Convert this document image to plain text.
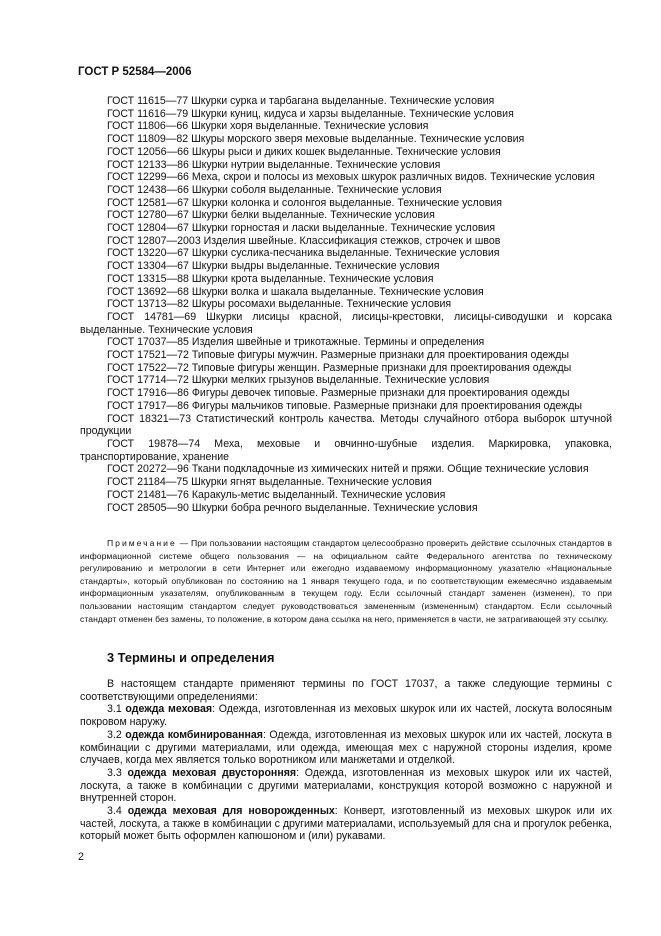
ГОСТ Р 52584—2006
ГОСТ 11615—77 Шкурки сурка и тарбагана выделанные. Технические условия
ГОСТ 11616—79 Шкурки куниц, кидуса и харзы выделанные. Технические условия
ГОСТ 11806—66 Шкурки хоря выделанные. Технические условия
ГОСТ 11809—82 Шкуры морского зверя меховые выделанные. Технические условия
ГОСТ 12056—66 Шкуры рыси и диких кошек выделанные. Технические условия
ГОСТ 12133—86 Шкурки нутрии выделанные. Технические условия
ГОСТ 12299—66 Меха, скрои и полосы из меховых шкурок различных видов. Технические условия
ГОСТ 12438—66 Шкурки соболя выделанные. Технические условия
ГОСТ 12581—67 Шкурки колонка и солонгоя выделанные. Технические условия
ГОСТ 12780—67 Шкурки белки выделанные. Технические условия
ГОСТ 12804—67 Шкурки горностая и ласки выделанные. Технические условия
ГОСТ 12807—2003 Изделия швейные. Классификация стежков, строчек и швов
ГОСТ 13220—67 Шкурки суслика-песчаника выделанные. Технические условия
ГОСТ 13304—67 Шкурки выдры выделанные. Технические условия
ГОСТ 13315—88 Шкурки крота выделанные. Технические условия
ГОСТ 13692—68 Шкурки волка и шакала выделанные. Технические условия
ГОСТ 13713—82 Шкуры росомахи выделанные. Технические условия
ГОСТ 14781—69 Шкурки лисицы красной, лисицы-крестовки, лисицы-сиводушки и корсака выделанные. Технические условия
ГОСТ 17037—85 Изделия швейные и трикотажные. Термины и определения
ГОСТ 17521—72 Типовые фигуры мужчин. Размерные признаки для проектирования одежды
ГОСТ 17522—72 Типовые фигуры женщин. Размерные признаки для проектирования одежды
ГОСТ 17714—72 Шкурки мелких грызунов выделанные. Технические условия
ГОСТ 17916—86 Фигуры девочек типовые. Размерные признаки для проектирования одежды
ГОСТ 17917—86 Фигуры мальчиков типовые. Размерные признаки для проектирования одежды
ГОСТ 18321—73 Статистический контроль качества. Методы случайного отбора выборок штучной продукции
ГОСТ 19878—74 Меха, меховые и овчинно-шубные изделия. Маркировка, упаковка, транспортирование, хранение
ГОСТ 20272—96 Ткани подкладочные из химических нитей и пряжи. Общие технические условия
ГОСТ 21184—75 Шкурки ягнят выделанные. Технические условия
ГОСТ 21481—76 Каракуль-метис выделанный. Технические условия
ГОСТ 28505—90 Шкурки бобра речного выделанные. Технические условия
Примечание — При пользовании настоящим стандартом целесообразно проверить действие ссылочных стандартов в информационной системе общего пользования — на официальном сайте Федерального агентства по техническому регулированию и метрологии в сети Интернет или ежегодно издаваемому информационному указателю «Национальные стандарты», который опубликован по состоянию на 1 января текущего года, и по соответствующим ежемесячно издаваемым информационным указателям, опубликованным в текущем году. Если ссылочный стандарт заменен (изменен), то при пользовании настоящим стандартом следует руководствоваться замененным (измененным) стандартом. Если ссылочный стандарт отменен без замены, то положение, в котором дана ссылка на него, применяется в части, не затрагивающей эту ссылку.
3 Термины и определения
В настоящем стандарте применяют термины по ГОСТ 17037, а также следующие термины с соответствующими определениями:
3.1 одежда меховая: Одежда, изготовленная из меховых шкурок или их частей, лоскута волосяным покровом наружу.
3.2 одежда комбинированная: Одежда, изготовленная из меховых шкурок или их частей, лоскута в комбинации с другими материалами, или одежда, имеющая мех с наружной стороны изделия, кроме случаев, когда мех является только воротником или манжетами и отделкой.
3.3 одежда меховая двусторонняя: Одежда, изготовленная из меховых шкурок или их частей, лоскута, а также в комбинации с другими материалами, конструкция которой возможно с наружной и внутренней сторон.
3.4 одежда меховая для новорожденных: Конверт, изготовленный из меховых шкурок или их частей, лоскута, а также в комбинации с другими материалами, используемый для сна и прогулок ребенка, который может быть оформлен капюшоном и (или) рукавами.
2
